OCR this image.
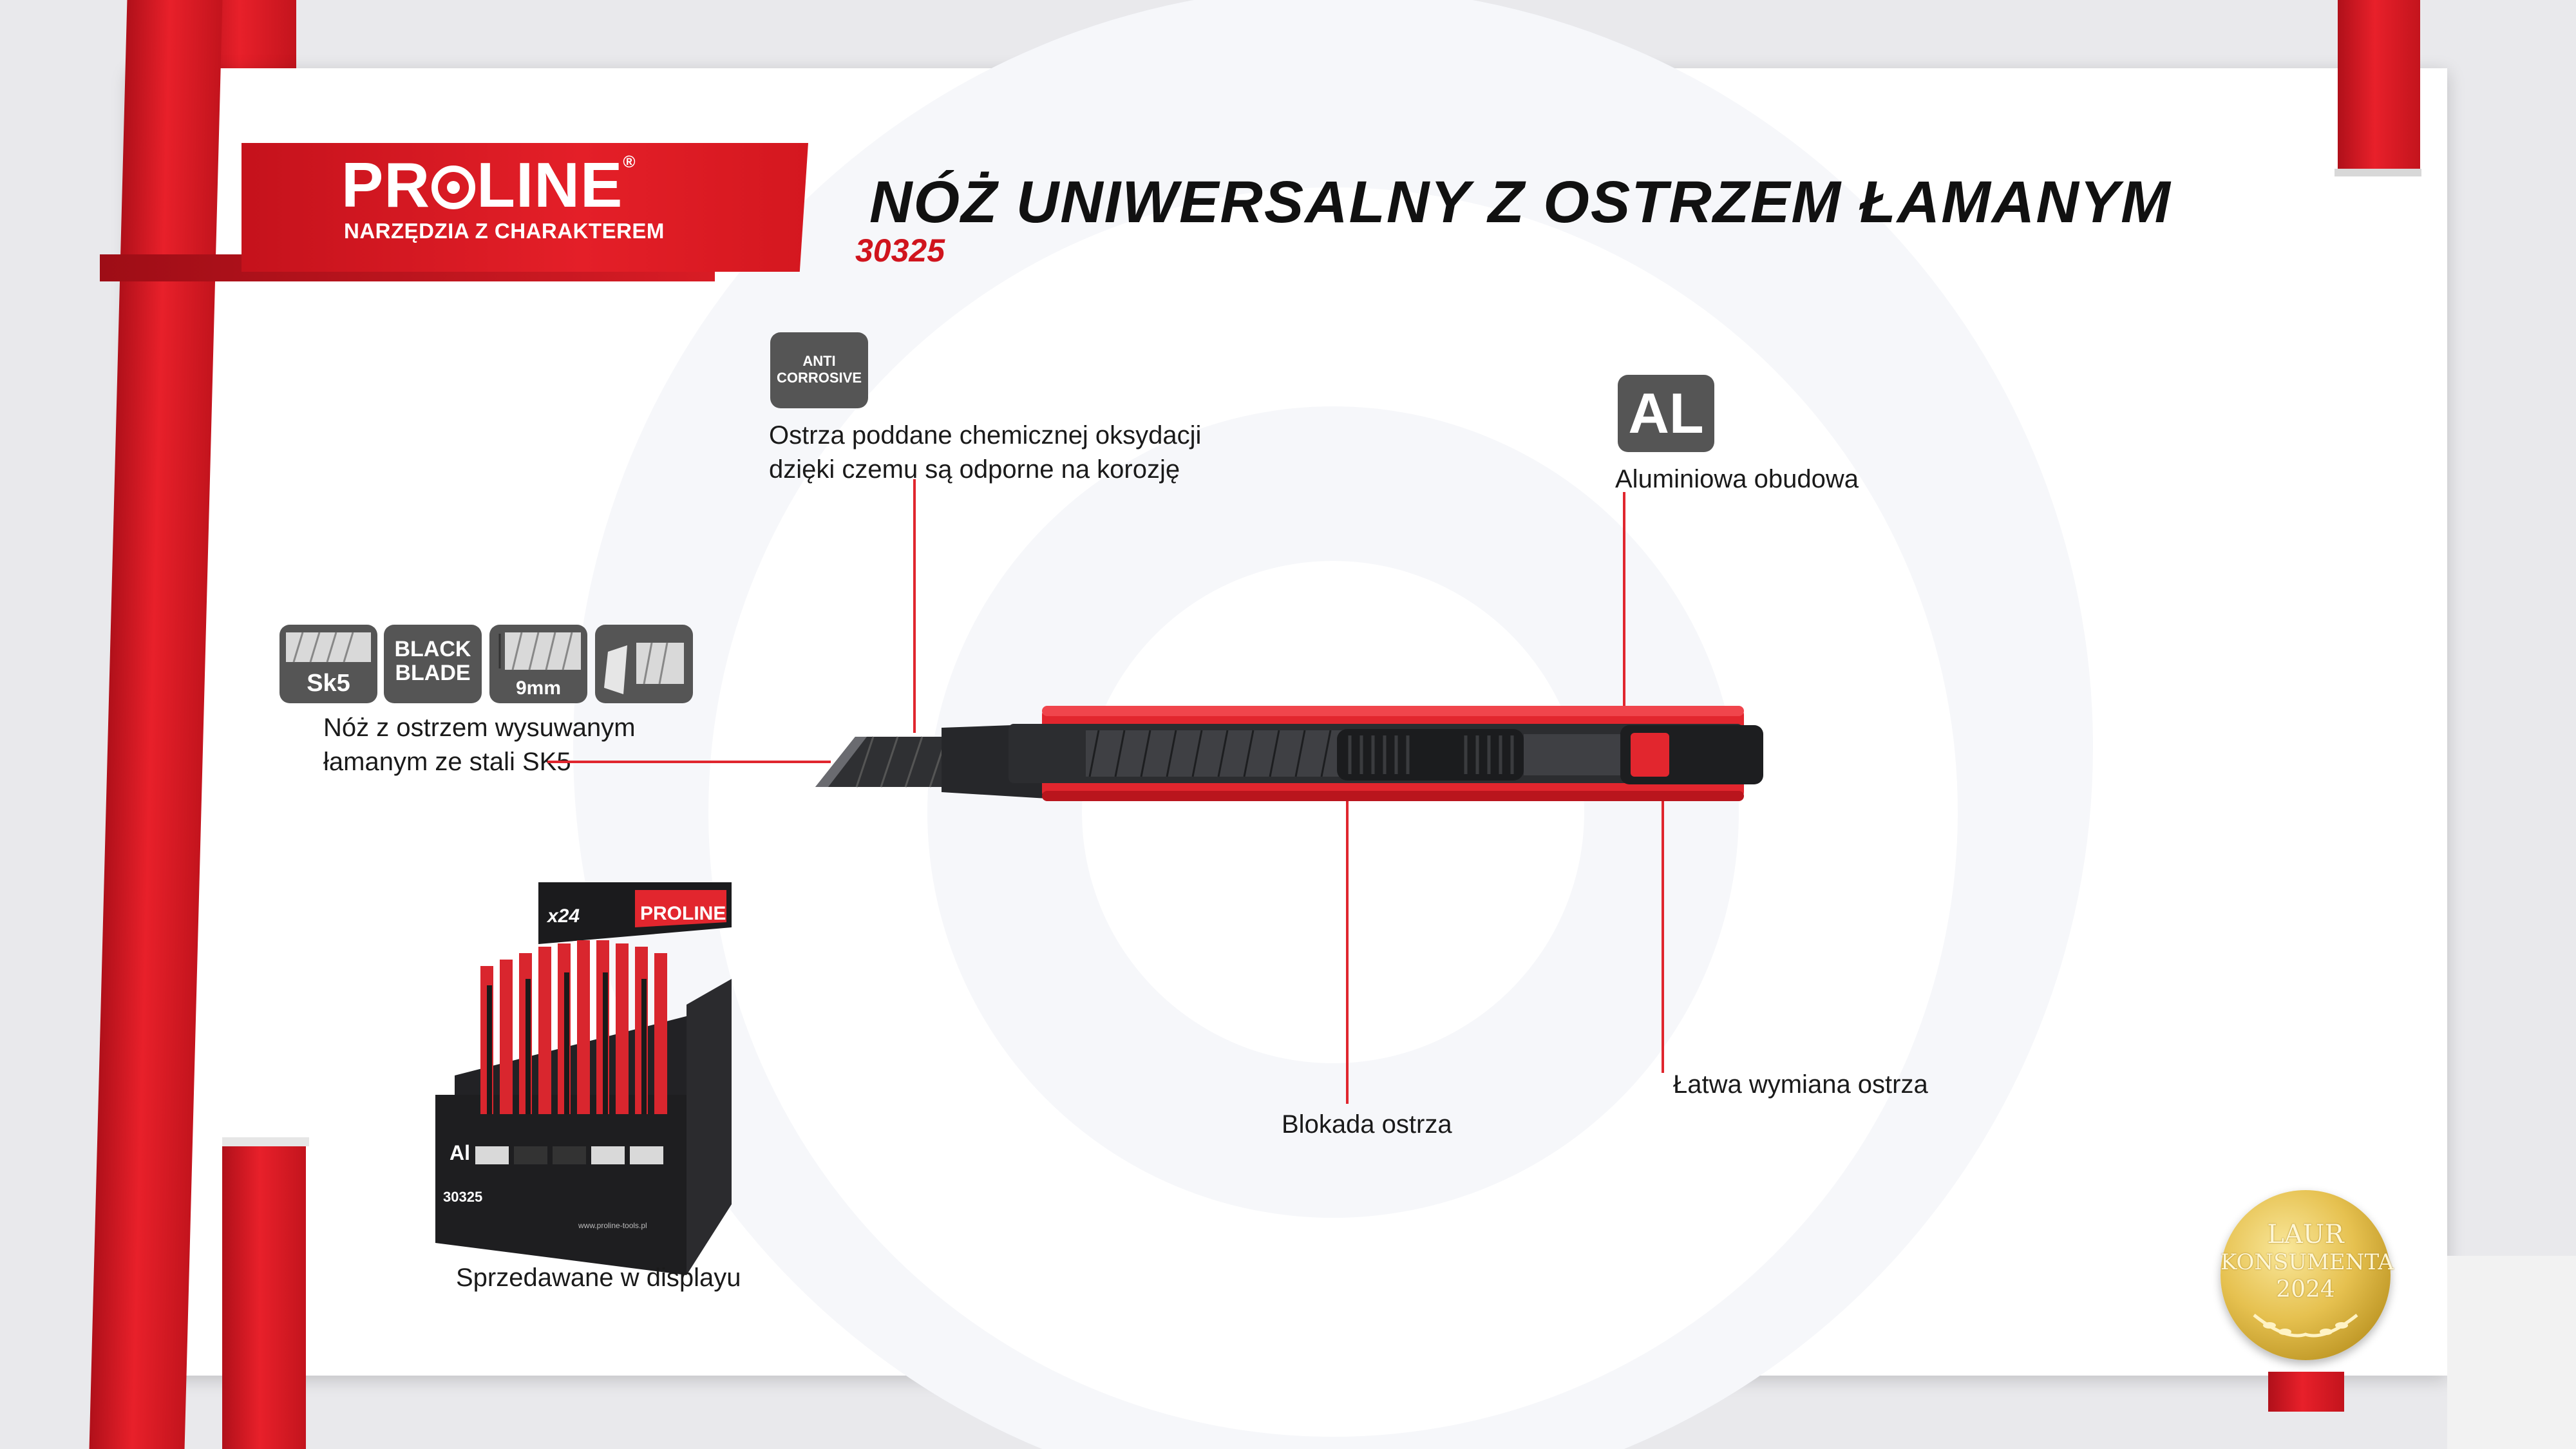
PR LINE®
NARZĘDZIA Z CHARAKTEREM	NÓŻ UNIWERSALNY Z OSTRZEM ŁAMANYM
30325
ANTI
CORROSIVE
Ostrza poddane chemicznej oksydacji
dzięki czemu są odporne na korozję
AL
Aluminiowa obudowa
Sk5
BLACK
BLADE
9mm
Nóż z ostrzem wysuwanym
łamanym ze stali SK5
Blokada ostrza
Łatwa wymiana ostrza
x24	PROLINE
Al
30325
www.proline-tools.pl
Sprzedawane w displayu
LAUR
KONSUMENTA
2024
